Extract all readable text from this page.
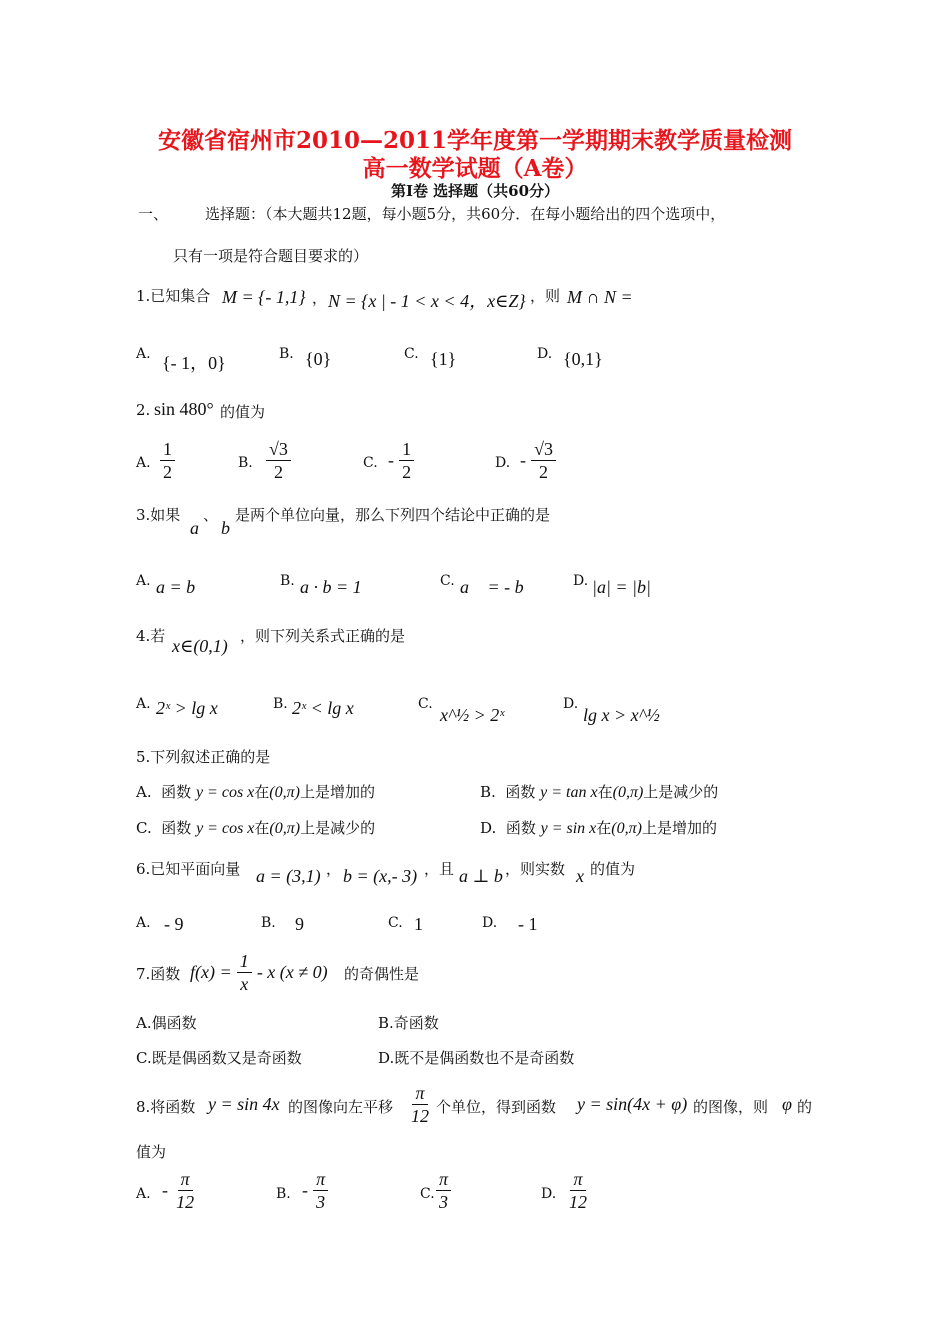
安徽省宿州市2010—2011学年度第一学期期末教学质量检测
高一数学试题（A卷）
第Ⅰ卷 选择题（共60分）
一、 选择题：（本大题共12题，每小题5分，共60分．在每小题给出的四个选项中，
只有一项是符合题目要求的）
1.已知集合 M = {- 1,1} ， N = {x | - 1 < x < 4，x∈Z} ，则 M ∩ N =
A. {- 1，0}	B. {0}	C. {1}	D. {0,1}
2. sin 480° 的值为
A. $\frac{1}{2}$	B. $\frac{√3}{2}$	C. - $\frac{1}{2}$	D. - $\frac{√3}{2}$
3.如果
a
、
b
是两个单位向量，那么下列四个结论中正确的是
A. a = b	B. a · b = 1	C. a⃗ = - b⃗	D. |a| = |b|
4.若 x∈(0,1) ，则下列关系式正确的是
A. 2ˣ > lg x	B. 2ˣ < lg x	C.
x^½ > 2ˣ
D.
lg x > x^½
5.下列叙述正确的是
A. 函数 y = cos x在(0,π)上是增加的	B. 函数 y = tan x在(0,π)上是减少的
C. 函数 y = cos x在(0,π)上是减少的	D. 函数 y = sin x在(0,π)上是增加的
6.已知平面向量 a = (3,1) ， b = (x,- 3) ，且 a ⊥ b ，则实数 x 的值为
A. - 9	B. 9	C. 1	D. - 1
7.函数 $f(x) = \frac{1}{x} - x$ (x ≠ 0) 的奇偶性是
A.偶函数	B.奇函数
C.既是偶函数又是奇函数	D.既不是偶函数也不是奇函数
8.将函数 y = sin 4x 的图像向左平移 $\frac{\pi}{12}$ 个单位，得到函数 y = sin(4x + φ) 的图像，则 φ 的
值为
A. - $\frac{\pi}{12}$	B. - $\frac{\pi}{3}$	C. $\frac{\pi}{3}$	D. $\frac{\pi}{12}$
